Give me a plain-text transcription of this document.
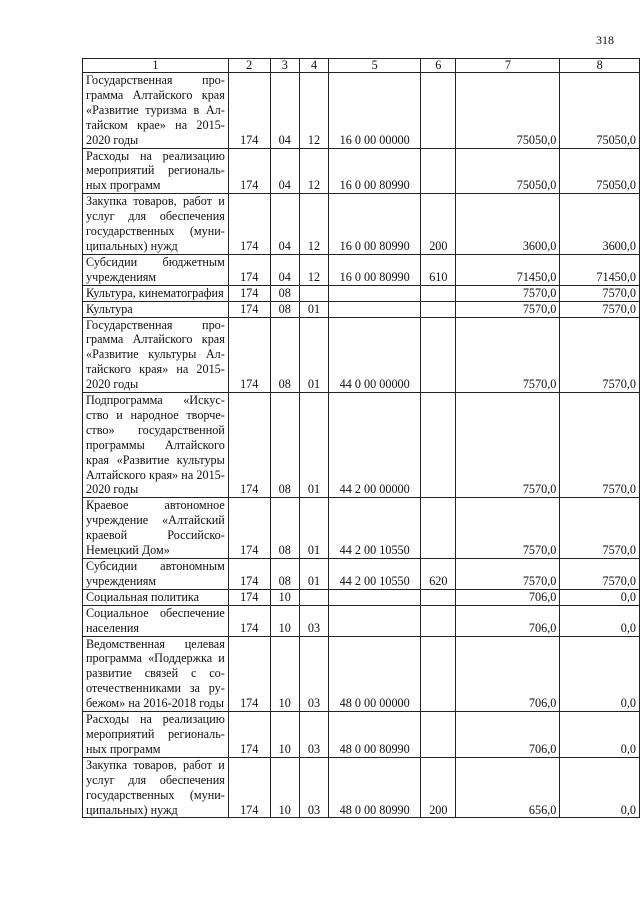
318
1	2	3	4	5	6	7	8
Государственная программа Алтайского края «Развитие туризма в Алтайском крае» на 2015-2020 годы	174	04	12	16 0 00 00000		75050,0	75050,0
Расходы на реализацию мероприятий региональных программ	174	04	12	16 0 00 80990		75050,0	75050,0
Закупка товаров, работ и услуг для обеспечения государственных (муниципальных) нужд	174	04	12	16 0 00 80990	200	3600,0	3600,0
Субсидии бюджетным учреждениям	174	04	12	16 0 00 80990	610	71450,0	71450,0
Культура, кинематография	174	08				7570,0	7570,0
Культура	174	08	01			7570,0	7570,0
Государственная программа Алтайского края «Развитие культуры Алтайского края» на 2015-2020 годы	174	08	01	44 0 00 00000		7570,0	7570,0
Подпрограмма «Искусство и народное творчество» государственной программы Алтайского края «Развитие культуры Алтайского края» на 2015-2020 годы	174	08	01	44 2 00 00000		7570,0	7570,0
Краевое автономное учреждение «Алтайский краевой Российско-Немецкий Дом»	174	08	01	44 2 00 10550		7570,0	7570,0
Субсидии автономным учреждениям	174	08	01	44 2 00 10550	620	7570,0	7570,0
Социальная политика	174	10				706,0	0,0
Социальное обеспечение населения	174	10	03			706,0	0,0
Ведомственная целевая программа «Поддержка и развитие связей с соотечественниками за рубежом» на 2016-2018 годы	174	10	03	48 0 00 00000		706,0	0,0
Расходы на реализацию мероприятий региональных программ	174	10	03	48 0 00 80990		706,0	0,0
Закупка товаров, работ и услуг для обеспечения государственных (муниципальных) нужд	174	10	03	48 0 00 80990	200	656,0	0,0
